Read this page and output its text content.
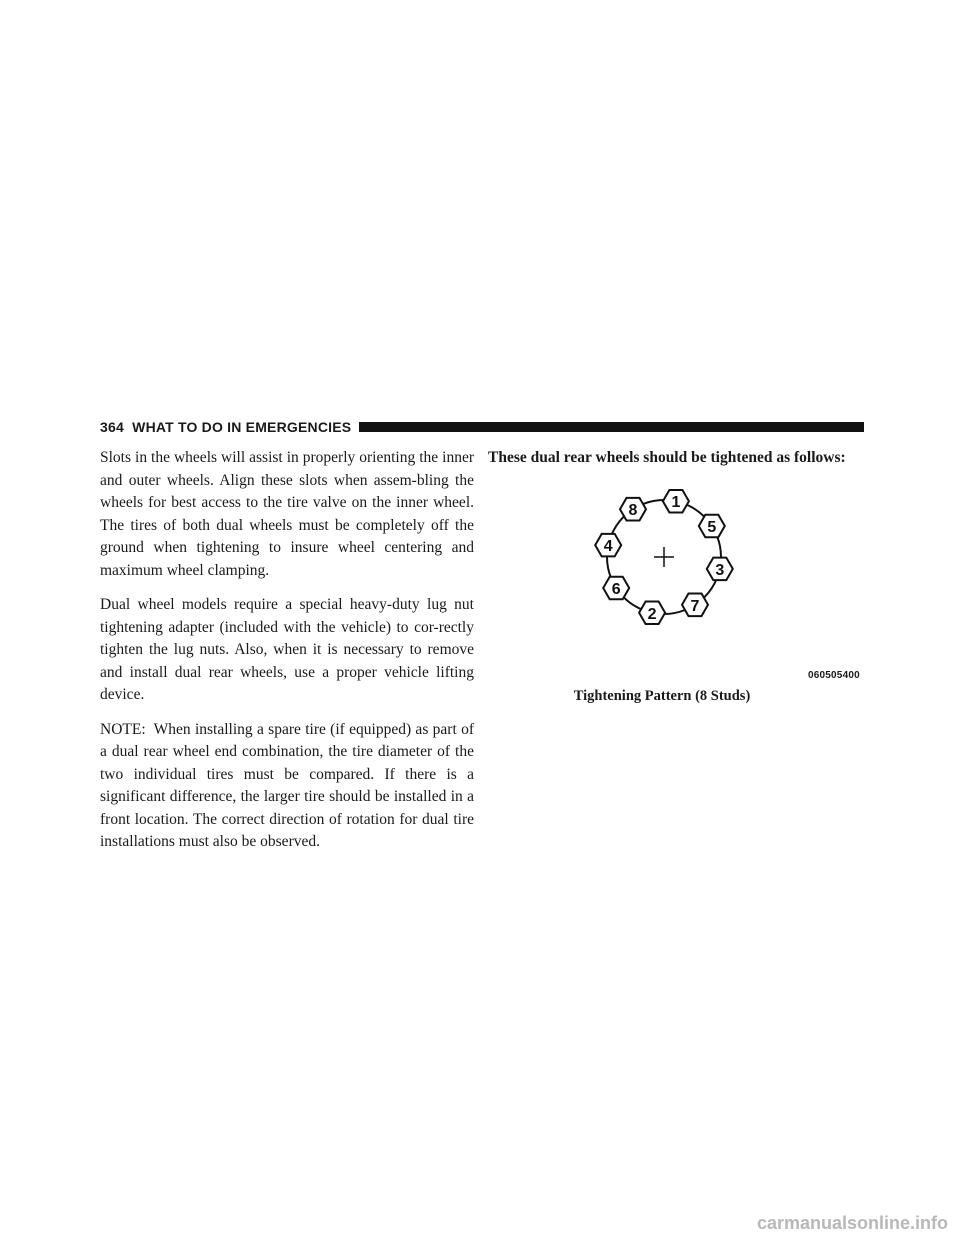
364 WHAT TO DO IN EMERGENCIES

Slots in the wheels will assist in properly orienting the inner and outer wheels. Align these slots when assem-bling the wheels for best access to the tire valve on the inner wheel. The tires of both dual wheels must be completely off the ground when tightening to insure wheel centering and maximum wheel clamping.

Dual wheel models require a special heavy-duty lug nut tightening adapter (included with the vehicle) to cor-rectly tighten the lug nuts. Also, when it is necessary to remove and install dual rear wheels, use a proper vehicle lifting device.

NOTE: When installing a spare tire (if equipped) as part of a dual rear wheel end combination, the tire diameter of the two individual tires must be compared. If there is a significant difference, the larger tire should be installed in a front location. The correct direction of rotation for dual tire installations must also be observed.

These dual rear wheels should be tightened as follows:

1
5
3
7
2
6
4
8
060505400
Tightening Pattern (8 Studs)
carmanualsonline.info
